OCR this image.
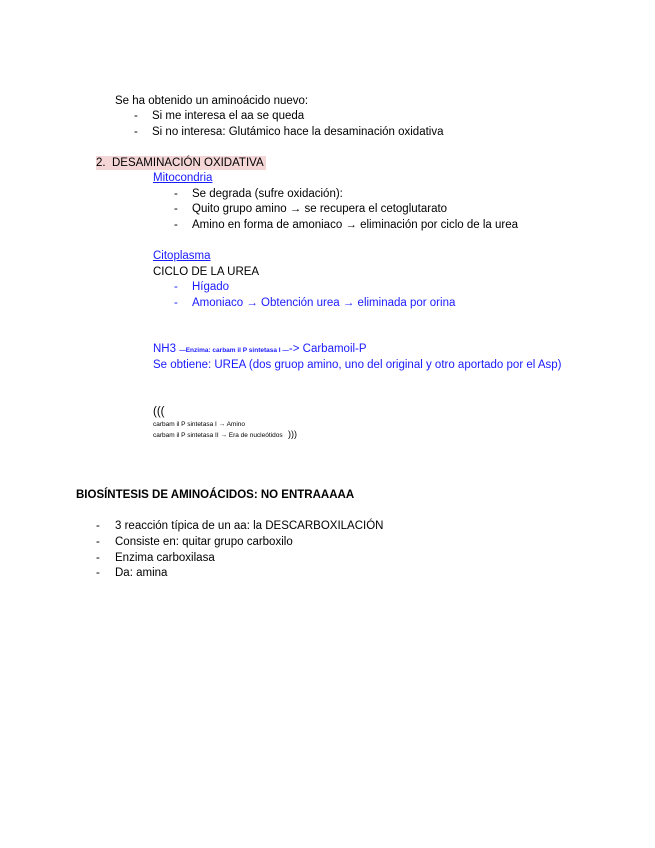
Se ha obtenido un aminoácido nuevo:
- Si me interesa el aa se queda
- Si no interesa: Glutámico hace la desaminación oxidativa
2. DESAMINACIÓN OXIDATIVA
Mitocondria
- Se degrada (sufre oxidación):
- Quito grupo amino → se recupera el cetoglutarato
- Amino en forma de amoniaco → eliminación por ciclo de la urea
Citoplasma
CICLO DE LA UREA
- Hígado
- Amoniaco → Obtención urea → eliminada por orina
NH3 —Enzima: carbam il P sintetasa I —-> Carbamoil-P
Se obtiene: UREA (dos gruop amino, uno del original y otro aportado por el Asp)
(((
carbam il P sintetasa I → Amino
carbam il P sintetasa II → Era de nucleótidos )))
BIOSÍNTESIS DE AMINOÁCIDOS: NO ENTRAAAAA
- 3 reacción típica de un aa: la DESCARBOXILACIÓN
- Consiste en: quitar grupo carboxilo
- Enzima carboxilasa
- Da: amina
